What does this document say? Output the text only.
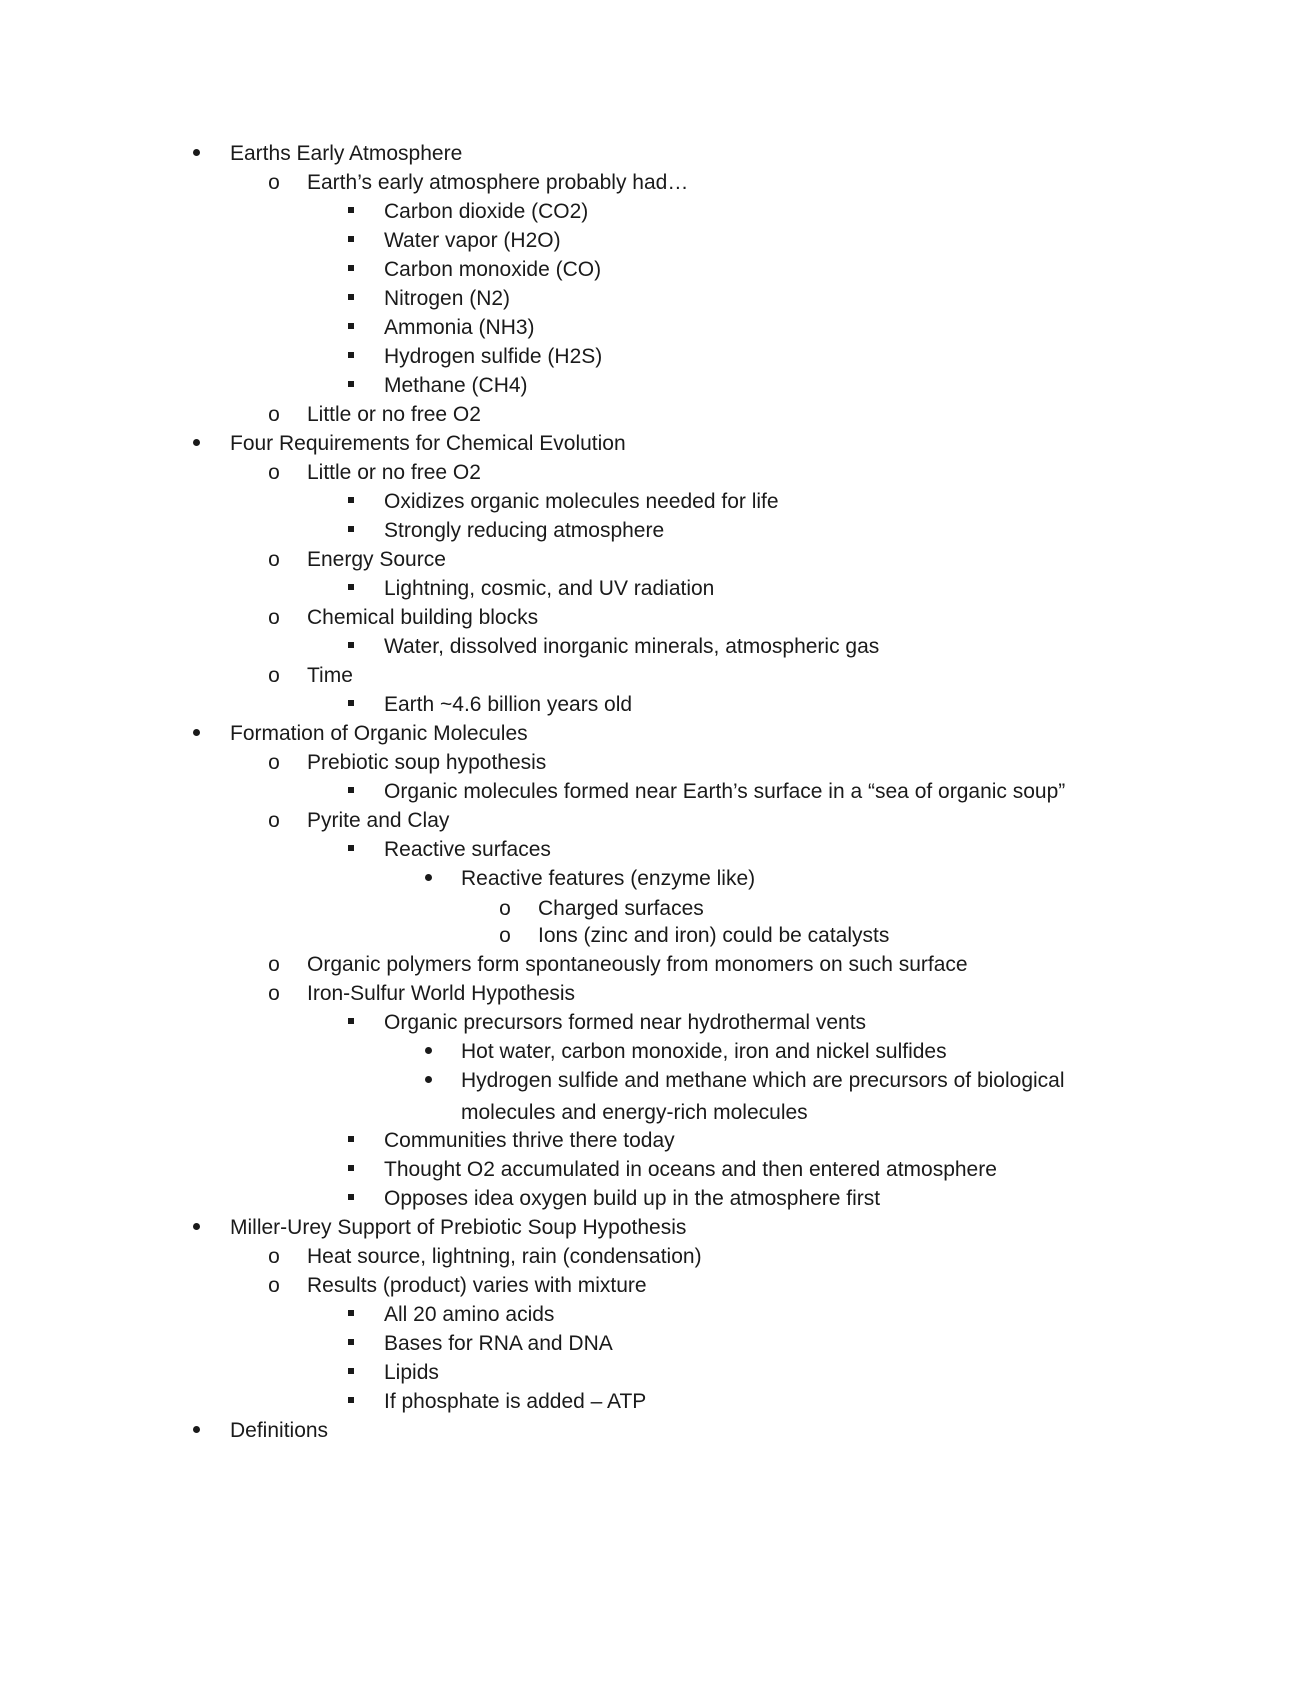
Earths Early Atmosphere
o Earth’s early atmosphere probably had…
Carbon dioxide (CO2)
Water vapor (H2O)
Carbon monoxide (CO)
Nitrogen (N2)
Ammonia (NH3)
Hydrogen sulfide (H2S)
Methane (CH4)
o Little or no free O2
Four Requirements for Chemical Evolution
o Little or no free O2
Oxidizes organic molecules needed for life
Strongly reducing atmosphere
o Energy Source
Lightning, cosmic, and UV radiation
o Chemical building blocks
Water, dissolved inorganic minerals, atmospheric gas
o Time
Earth ~4.6 billion years old
Formation of Organic Molecules
o Prebiotic soup hypothesis
Organic molecules formed near Earth’s surface in a “sea of organic soup”
o Pyrite and Clay
Reactive surfaces
Reactive features (enzyme like)
o Charged surfaces
o Ions (zinc and iron) could be catalysts
o Organic polymers form spontaneously from monomers on such surface
o Iron-Sulfur World Hypothesis
Organic precursors formed near hydrothermal vents
Hot water, carbon monoxide, iron and nickel sulfides
Hydrogen sulfide and methane which are precursors of biological
molecules and energy-rich molecules
Communities thrive there today
Thought O2 accumulated in oceans and then entered atmosphere
Opposes idea oxygen build up in the atmosphere first
Miller-Urey Support of Prebiotic Soup Hypothesis
o Heat source, lightning, rain (condensation)
o Results (product) varies with mixture
All 20 amino acids
Bases for RNA and DNA
Lipids
If phosphate is added – ATP
Definitions
